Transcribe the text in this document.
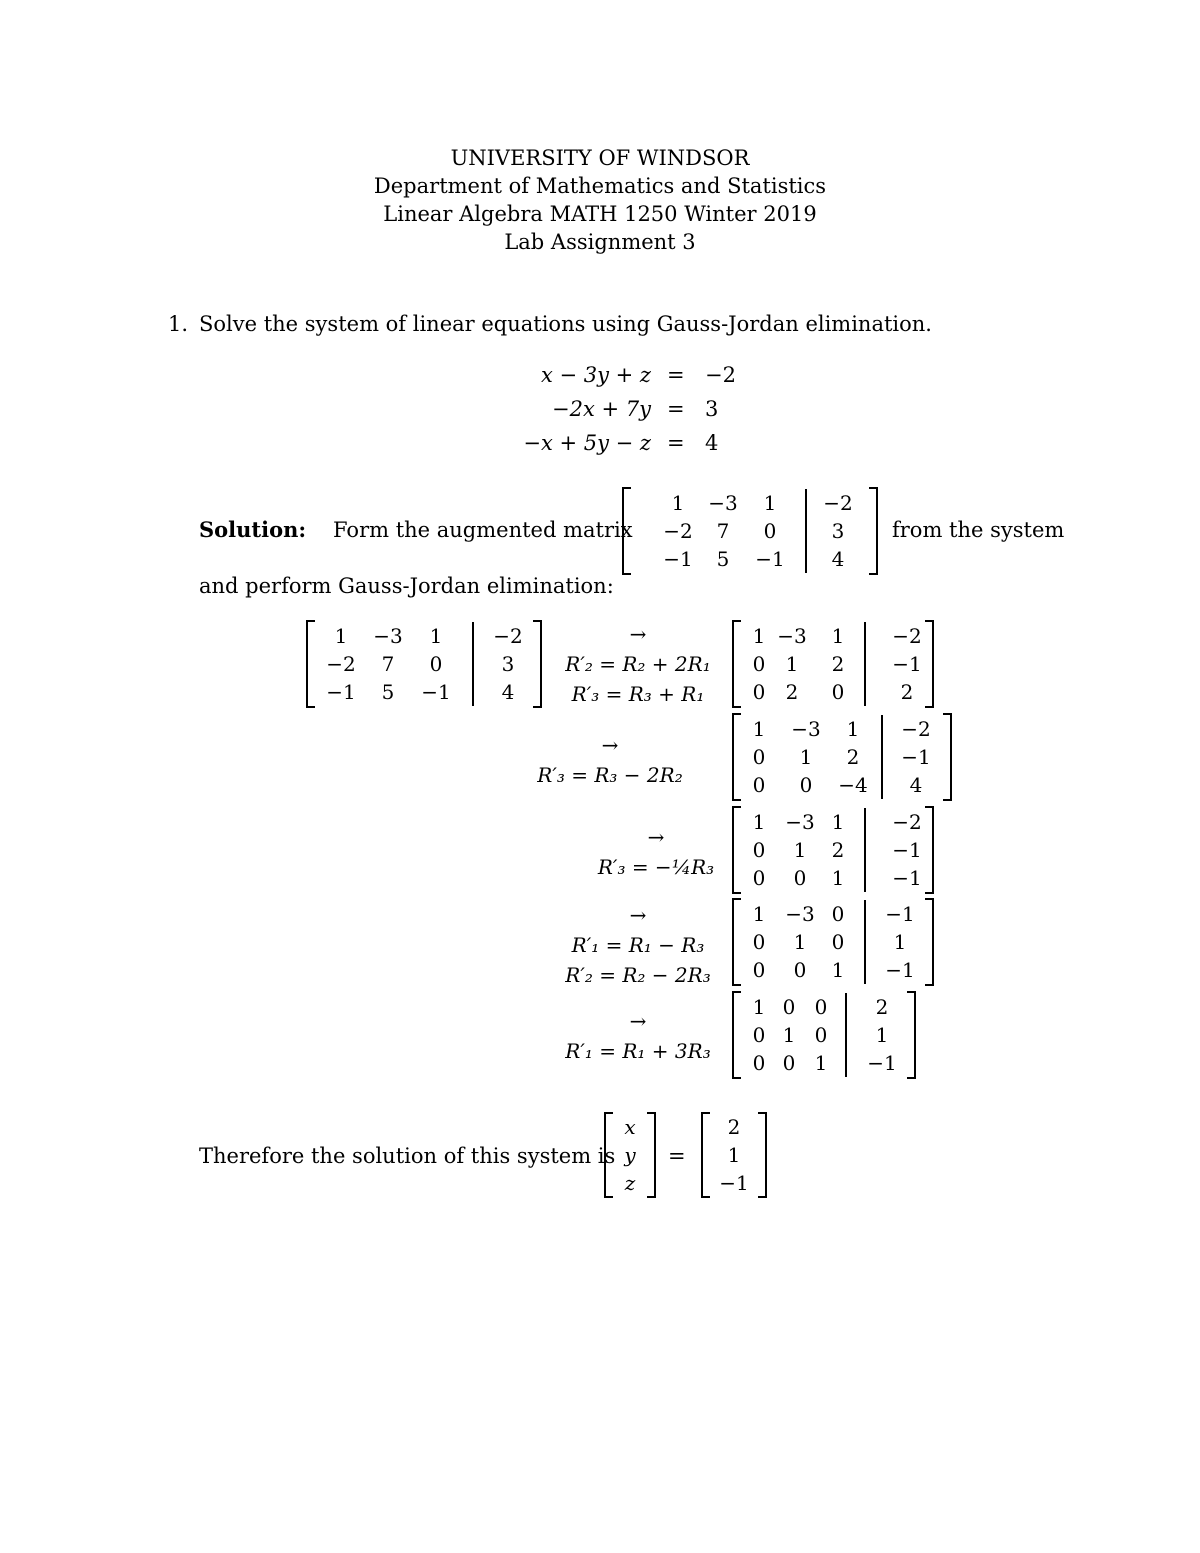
UNIVERSITY OF WINDSOR
Department of Mathematics and Statistics
Linear Algebra MATH 1250 Winter 2019
Lab Assignment 3
1. Solve the system of linear equations using Gauss-Jordan elimination.
x − 3y + z = −2
−2x + 7y = 3
−x + 5y − z = 4
Solution: Form the augmented matrix	from the system
and perform Gauss-Jordan elimination:
1	−3	1	−2
−2	7	0	3
−1	5	−1	4
1	−3	1	−2
−2	7	0	3
−1	5	−1	4
→
R′₂ = R₂ + 2R₁
R′₃ = R₃ + R₁
1 −3	1	−2
0	1	2	−1
0	2	0	2
→
R′₃ = R₃ − 2R₂
1	−3	1	−2
0	1	2	−1
0	0	−4	4
→
R′₃ = −¼R₃
1 −3 1	−2
0	1	2	−1
0	0	1	−1
→
R′₁ = R₁ − R₃
R′₂ = R₂ − 2R₃
1 −3 0	−1
0	1	0	1
0	0	1	−1
→
R′₁ = R₁ + 3R₃
1 0 0	2
0 1 0	1
0 0 1	−1
x
y
z
2
1
−1
Therefore the solution of this system is	=
